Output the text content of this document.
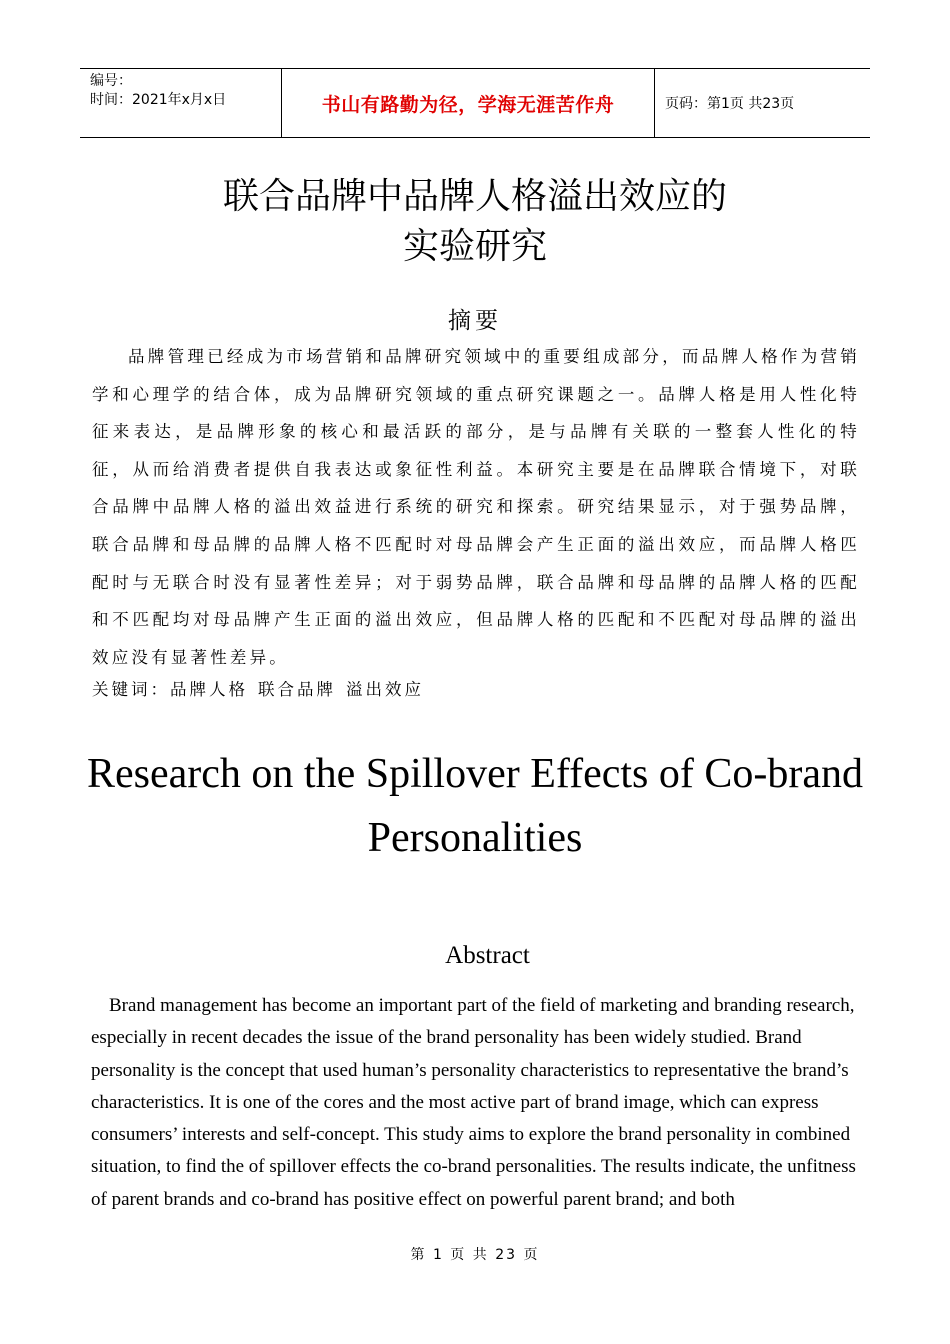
编号：
时间：2021年x月x日	书山有路勤为径，学海无涯苦作舟	页码：第1页 共23页
联合品牌中品牌人格溢出效应的
实验研究
摘要
品牌管理已经成为市场营销和品牌研究领域中的重要组成部分，而品牌人格作为营销学和心理学的结合体，成为品牌研究领域的重点研究课题之一。品牌人格是用人性化特征来表达，是品牌形象的核心和最活跃的部分，是与品牌有关联的一整套人性化的特征，从而给消费者提供自我表达或象征性利益。本研究主要是在品牌联合情境下，对联合品牌中品牌人格的溢出效益进行系统的研究和探索。研究结果显示，对于强势品牌，联合品牌和母品牌的品牌人格不匹配时对母品牌会产生正面的溢出效应，而品牌人格匹配时与无联合时没有显著性差异；对于弱势品牌，联合品牌和母品牌的品牌人格的匹配和不匹配均对母品牌产生正面的溢出效应，但品牌人格的匹配和不匹配对母品牌的溢出效应没有显著性差异。
关键词：品牌人格 联合品牌 溢出效应
Research on the Spillover Effects of Co-brand
Personalities
Abstract
Brand management has become an important part of the field of marketing and branding research, especially in recent decades the issue of the brand personality has been widely studied. Brand personality is the concept that used human’s personality characteristics to representative the brand’s characteristics. It is one of the cores and the most active part of brand image, which can express consumers’ interests and self-concept. This study aims to explore the brand personality in combined situation, to find the of spillover effects the co-brand personalities. The results indicate, the unfitness of parent brands and co-brand has positive effect on powerful parent brand; and both
第 1 页 共 23 页
